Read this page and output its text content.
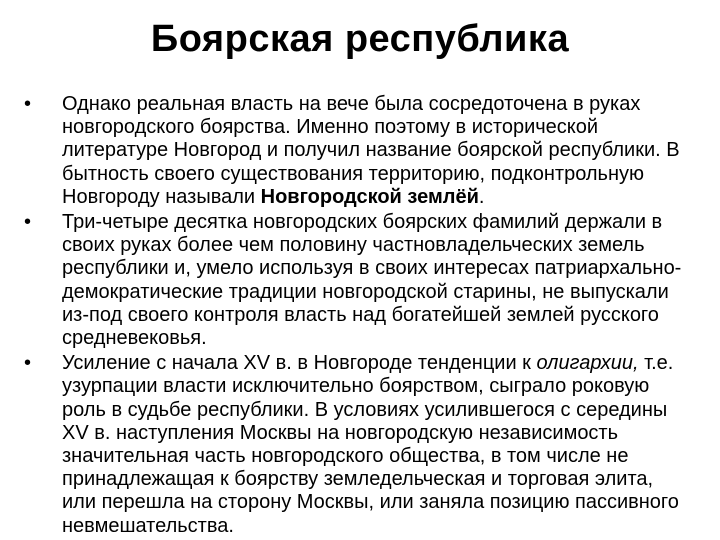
Боярская республика
•	Однако реальная власть на вече была сосредоточена в руках новгородского боярства. Именно поэтому в исторической литературе Новгород и получил название боярской республики. В бытность своего существования территорию, подконтрольную Новгороду называли Новгородской землёй.
•	Три-четыре десятка новгородских боярских фамилий держали в своих руках более чем половину частновладельческих земель республики и, умело используя в своих интересах патриархально-демократические традиции новгородской старины, не выпускали из-под своего контроля власть над богатейшей землей русского средневековья.
•	Усиление с начала XV в. в Новгороде тенденции к олигархии, т.е. узурпации власти исключительно боярством, сыграло роковую роль в судьбе республики. В условиях усилившегося с середины XV в. наступления Москвы на новгородскую независимость значительная часть новгородского общества, в том числе не принадлежащая к боярству земледельческая и торговая элита, или перешла на сторону Москвы, или заняла позицию пассивного невмешательства.
